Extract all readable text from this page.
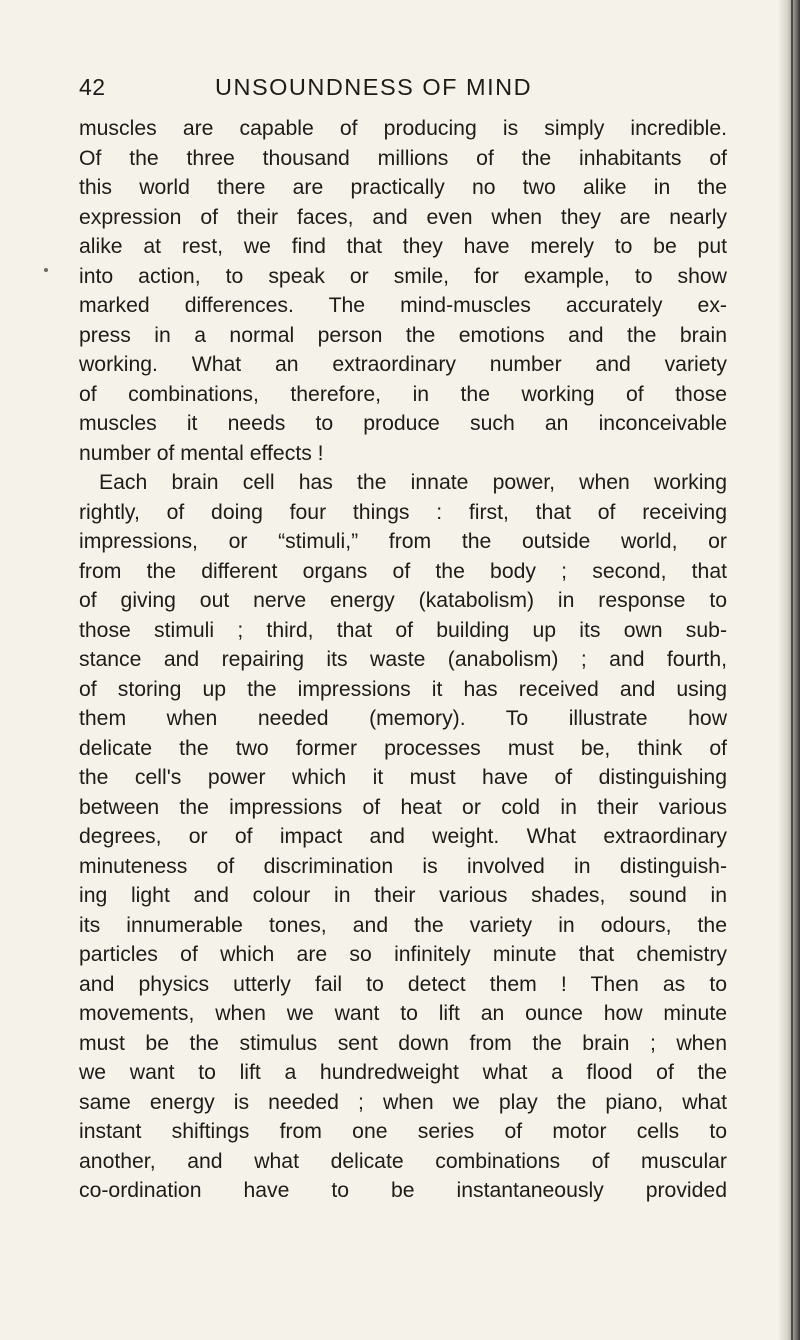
42	UNSOUNDNESS OF MIND
muscles are capable of producing is simply incredible.
Of the three thousand millions of the inhabitants of
this world there are practically no two alike in the
expression of their faces, and even when they are nearly
alike at rest, we find that they have merely to be put
into action, to speak or smile, for example, to show
marked differences. The mind-muscles accurately ex-
press in a normal person the emotions and the brain
working. What an extraordinary number and variety
of combinations, therefore, in the working of those
muscles it needs to produce such an inconceivable
number of mental effects !
Each brain cell has the innate power, when working
rightly, of doing four things : first, that of receiving
impressions, or “stimuli,” from the outside world, or
from the different organs of the body ; second, that
of giving out nerve energy (katabolism) in response to
those stimuli ; third, that of building up its own sub-
stance and repairing its waste (anabolism) ; and fourth,
of storing up the impressions it has received and using
them when needed (memory). To illustrate how
delicate the two former processes must be, think of
the cell's power which it must have of distinguishing
between the impressions of heat or cold in their various
degrees, or of impact and weight. What extraordinary
minuteness of discrimination is involved in distinguish-
ing light and colour in their various shades, sound in
its innumerable tones, and the variety in odours, the
particles of which are so infinitely minute that chemistry
and physics utterly fail to detect them ! Then as to
movements, when we want to lift an ounce how minute
must be the stimulus sent down from the brain ; when
we want to lift a hundredweight what a flood of the
same energy is needed ; when we play the piano, what
instant shiftings from one series of motor cells to
another, and what delicate combinations of muscular
co-ordination have to be instantaneously provided
